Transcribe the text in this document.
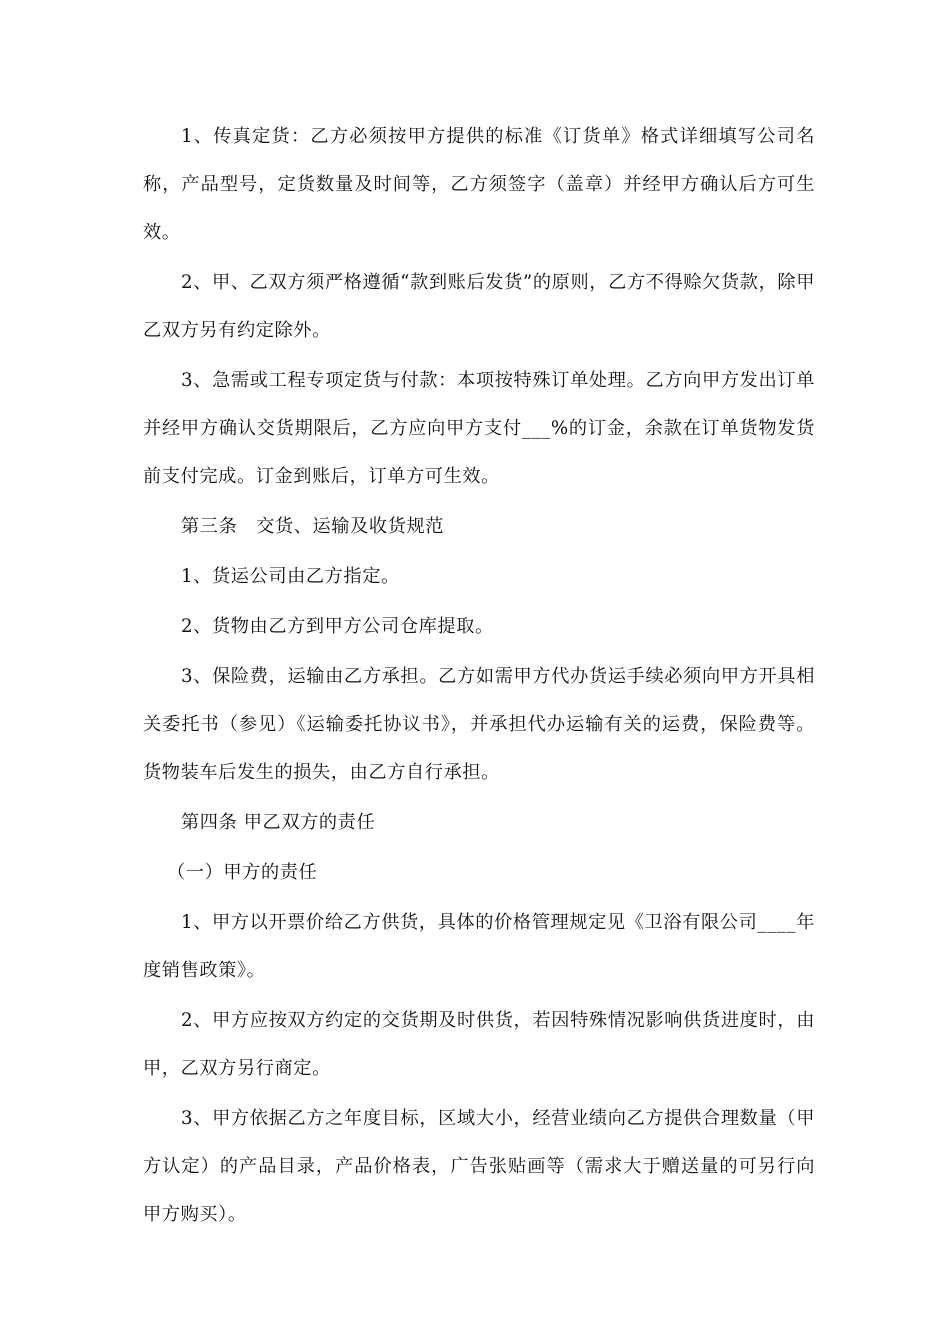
1、传真定货：乙方必须按甲方提供的标准《订货单》格式详细填写公司名称，产品型号，定货数量及时间等，乙方须签字（盖章）并经甲方确认后方可生效。

2、甲、乙双方须严格遵循“款到账后发货”的原则，乙方不得赊欠货款，除甲乙双方另有约定除外。

3、急需或工程专项定货与付款：本项按特殊订单处理。乙方向甲方发出订单并经甲方确认交货期限后，乙方应向甲方支付___%的订金，余款在订单货物发货前支付完成。订金到账后，订单方可生效。

第三条　交货、运输及收货规范

1、货运公司由乙方指定。

2、货物由乙方到甲方公司仓库提取。

3、保险费，运输由乙方承担。乙方如需甲方代办货运手续必须向甲方开具相关委托书（参见）《运输委托协议书》，并承担代办运输有关的运费，保险费等。货物装车后发生的损失，由乙方自行承担。

第四条 甲乙双方的责任

（一）甲方的责任

1、甲方以开票价给乙方供货，具体的价格管理规定见《卫浴有限公司____年度销售政策》。

2、甲方应按双方约定的交货期及时供货，若因特殊情况影响供货进度时，由甲，乙双方另行商定。

3、甲方依据乙方之年度目标，区域大小，经营业绩向乙方提供合理数量（甲方认定）的产品目录，产品价格表，广告张贴画等（需求大于赠送量的可另行向甲方购买）。
